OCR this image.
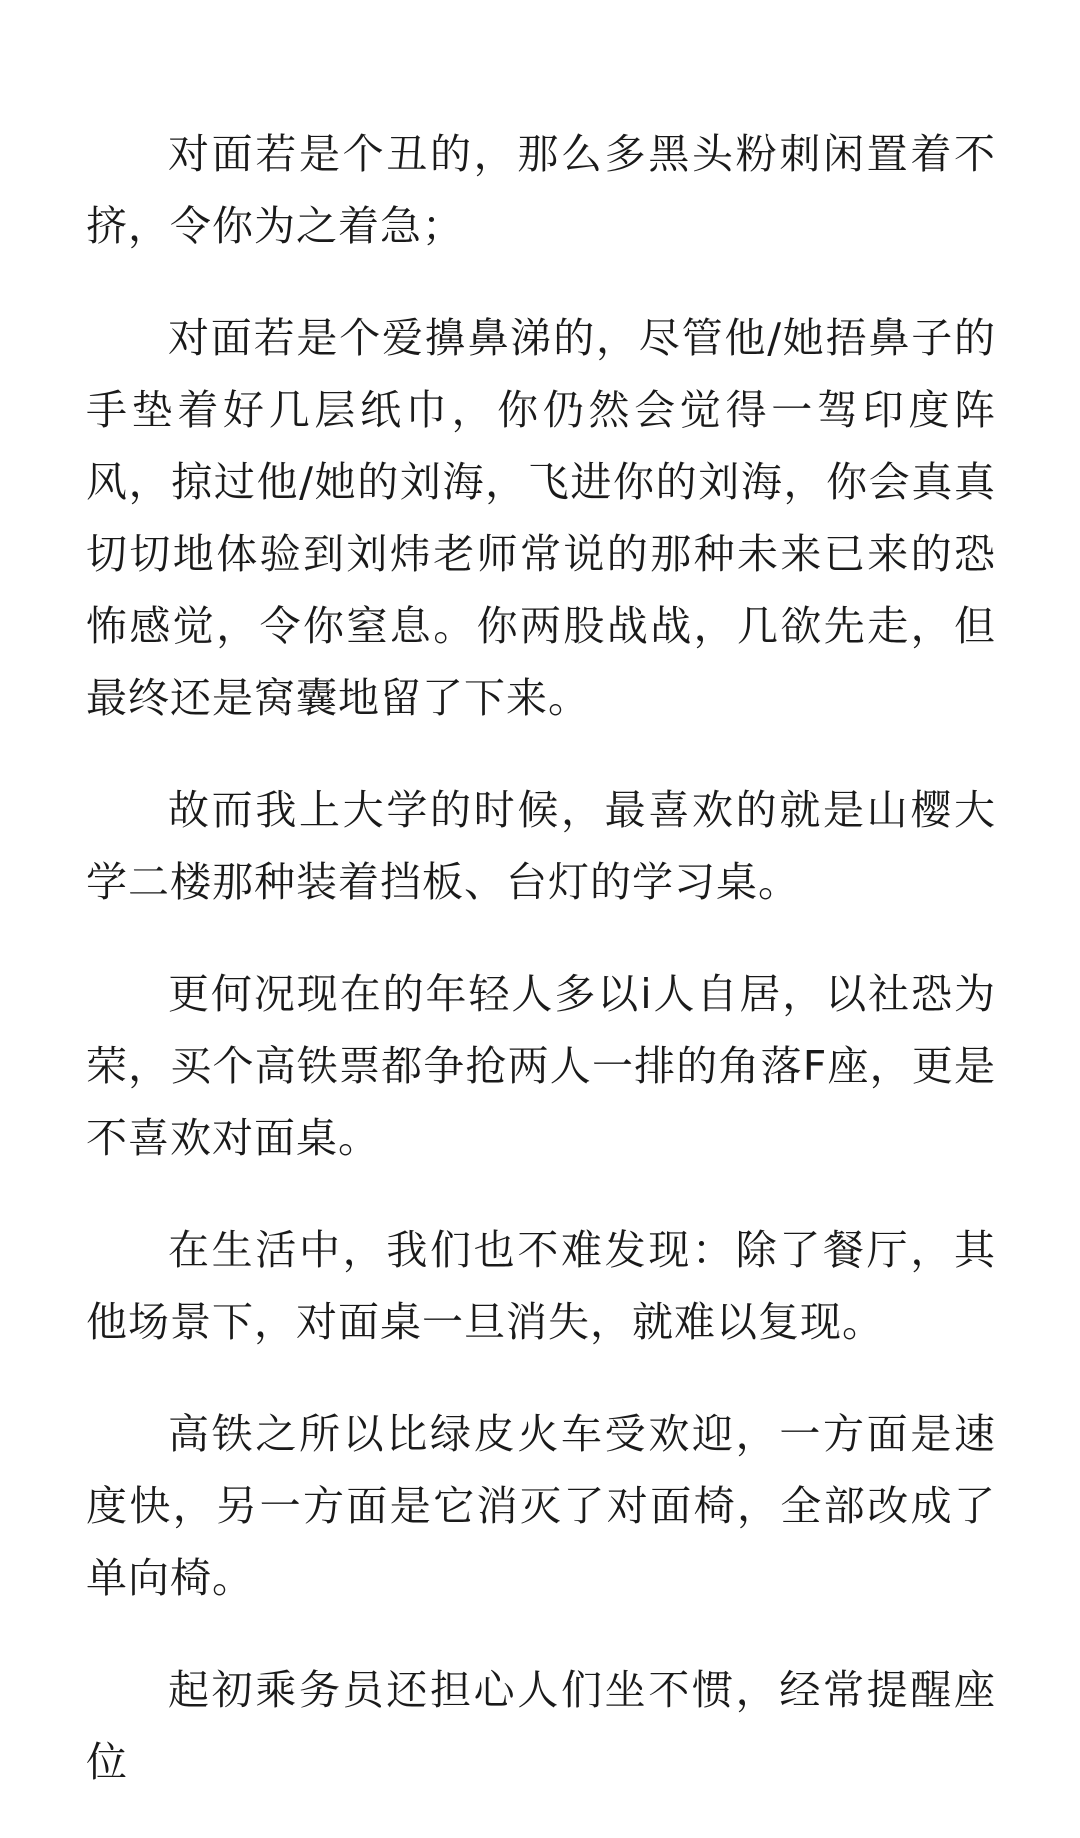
对面若是个丑的，那么多黑头粉刺闲置着不挤，令你为之着急；

对面若是个爱擤鼻涕的，尽管他/她捂鼻子的手垫着好几层纸巾，你仍然会觉得一驾印度阵风，掠过他/她的刘海，飞进你的刘海，你会真真切切地体验到刘炜老师常说的那种未来已来的恐怖感觉，令你窒息。你两股战战，几欲先走，但最终还是窝囊地留了下来。

故而我上大学的时候，最喜欢的就是山樱大学二楼那种装着挡板、台灯的学习桌。

更何况现在的年轻人多以i人自居，以社恐为荣，买个高铁票都争抢两人一排的角落F座，更是不喜欢对面桌。

在生活中，我们也不难发现：除了餐厅，其他场景下，对面桌一旦消失，就难以复现。

高铁之所以比绿皮火车受欢迎，一方面是速度快，另一方面是它消灭了对面椅，全部改成了单向椅。

起初乘务员还担心人们坐不惯，经常提醒座位
